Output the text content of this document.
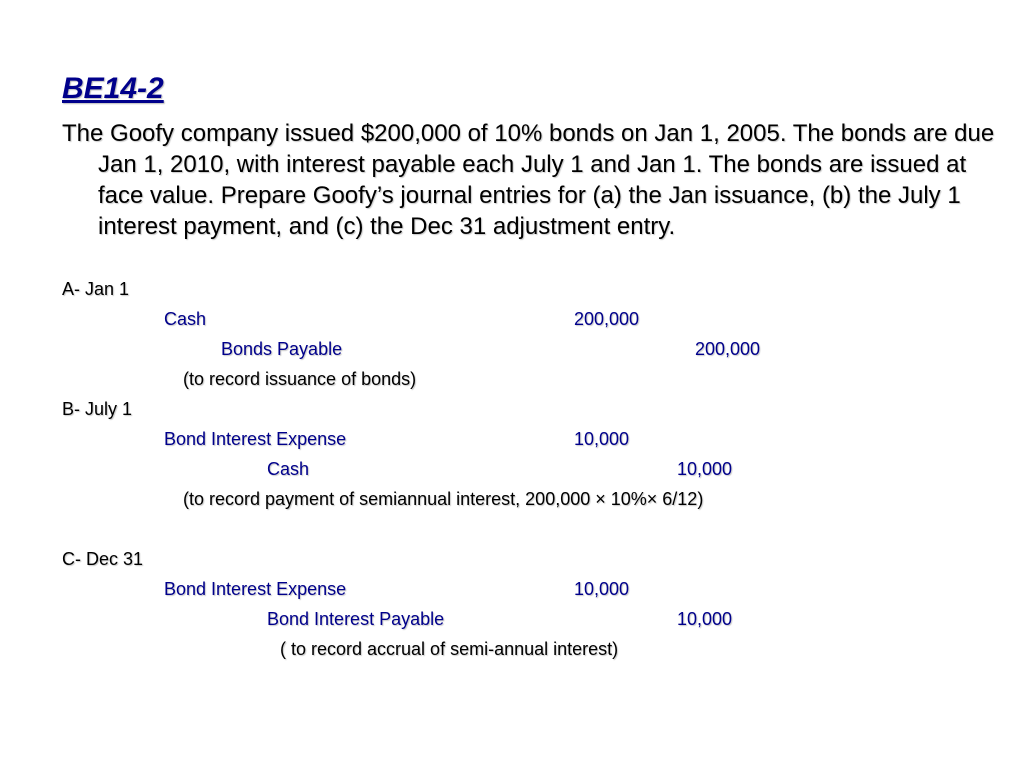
BE14-2

The Goofy company issued $200,000 of 10% bonds on Jan 1, 2005. The bonds are due Jan 1, 2010, with interest payable each July 1 and Jan 1. The bonds are issued at face value. Prepare Goofy’s journal entries for (a) the Jan issuance, (b) the July 1 interest payment, and (c) the Dec 31 adjustment entry.

A- Jan 1
Cash	200,000
Bonds Payable	200,000
(to record issuance of bonds)
B- July 1
Bond Interest Expense	10,000
Cash	10,000
(to record payment of semiannual interest, 200,000 × 10%× 6/12)
C- Dec 31
Bond Interest Expense	10,000
Bond Interest Payable	10,000
( to record accrual of semi-annual interest)
